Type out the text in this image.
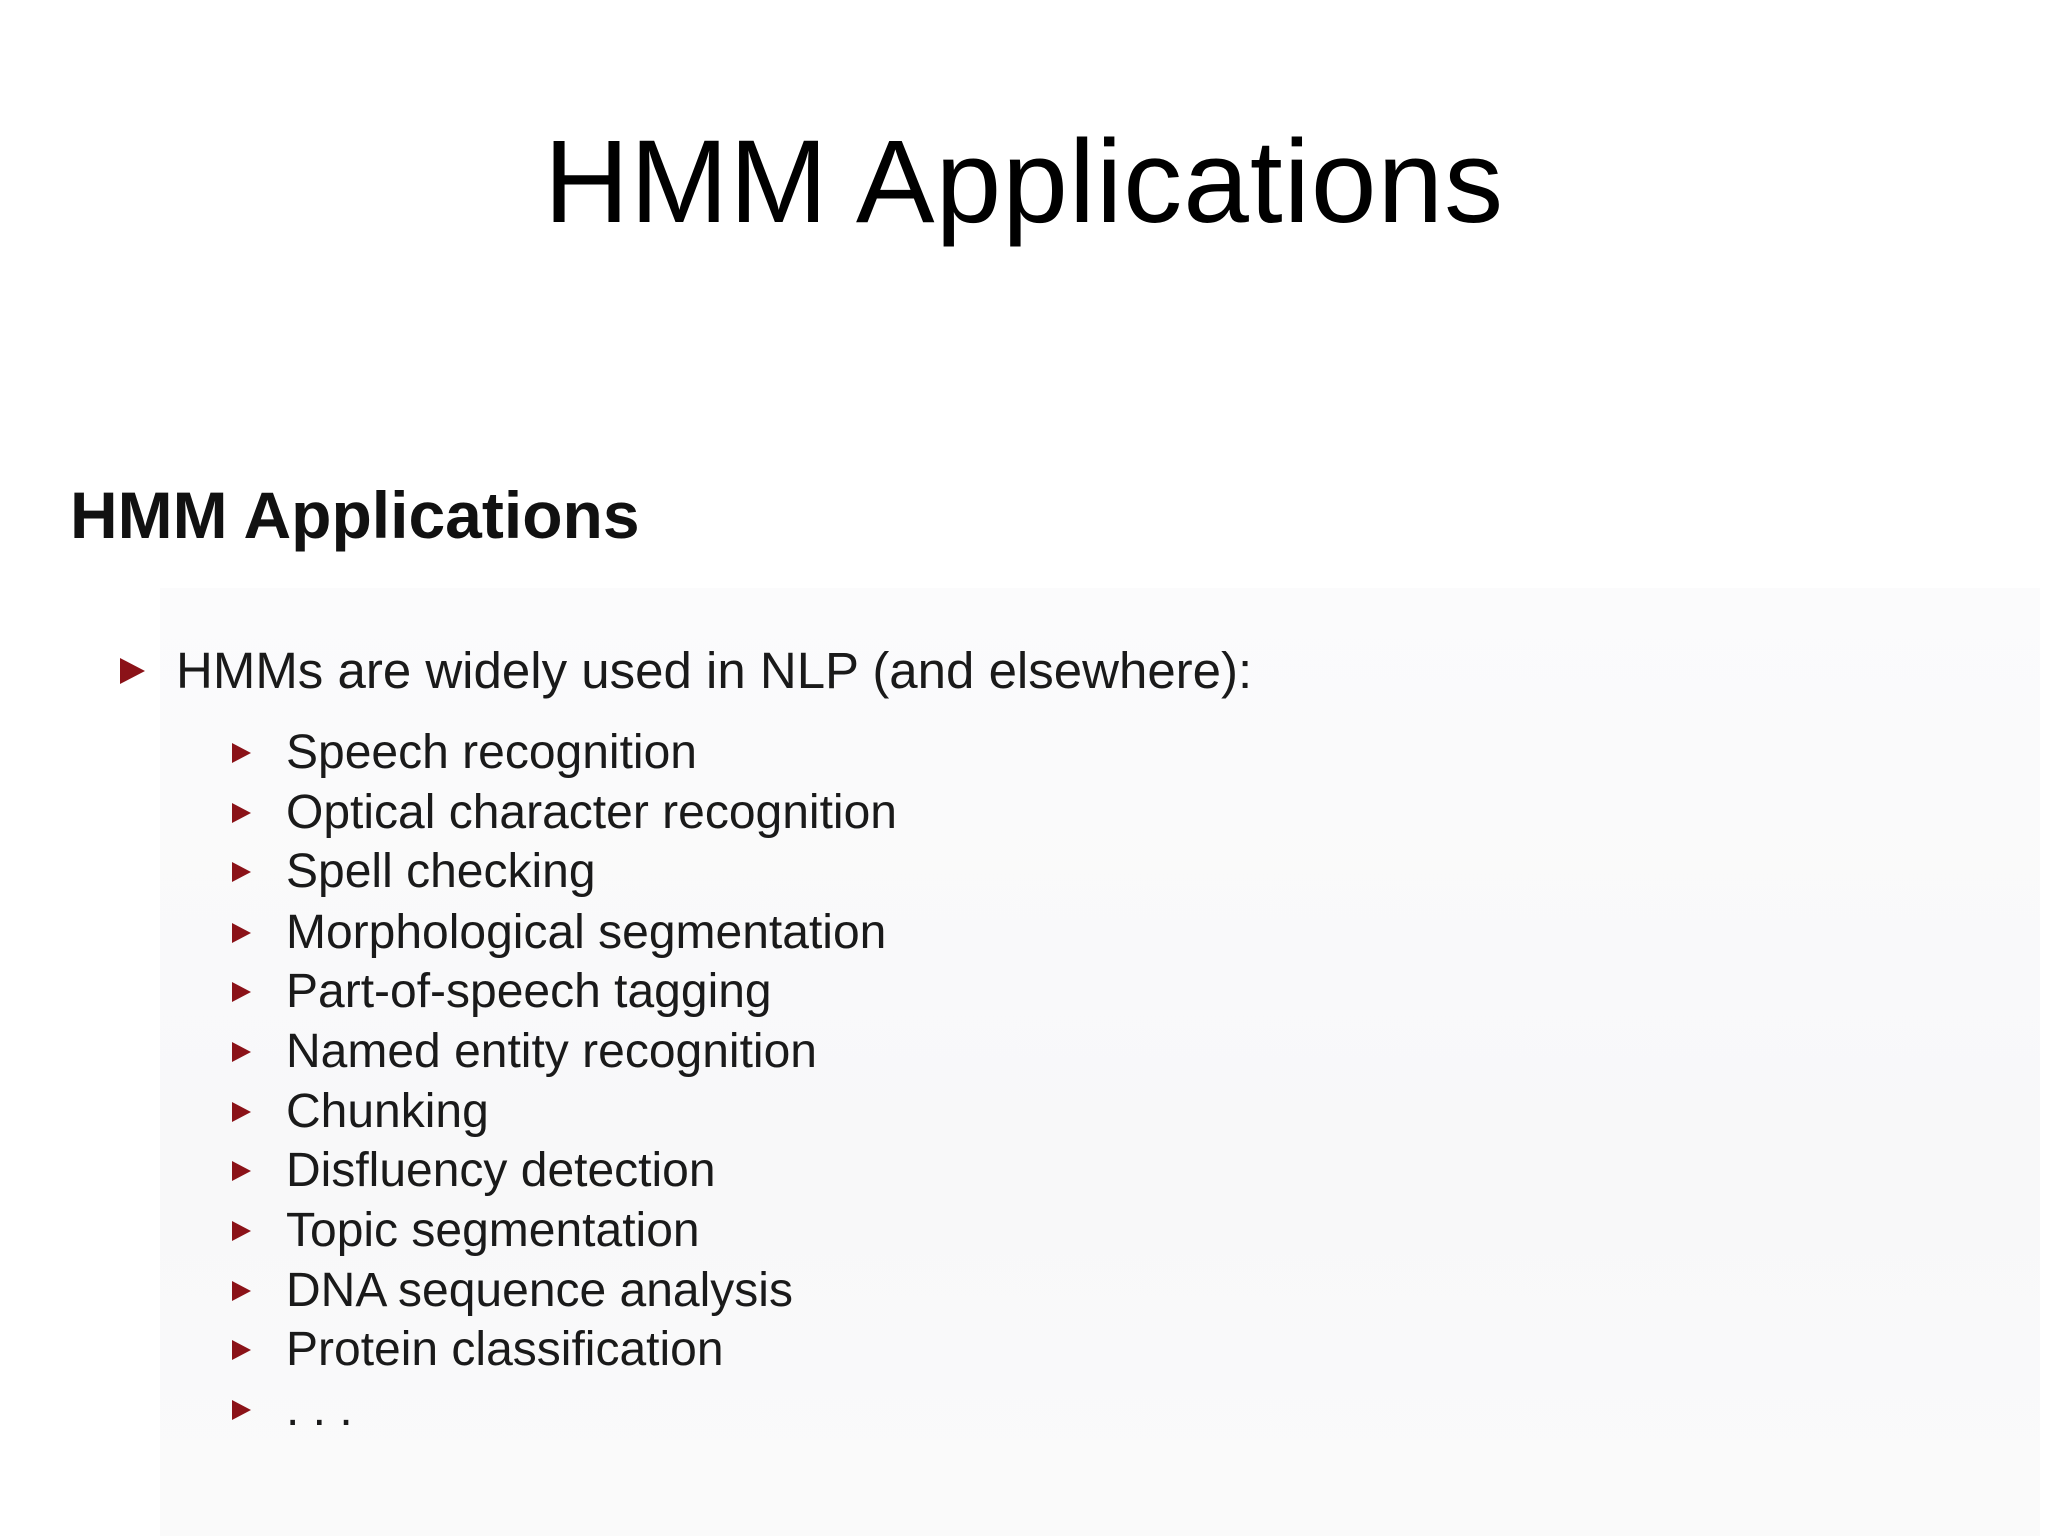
HMM Applications
HMM Applications
HMMs are widely used in NLP (and elsewhere):
Speech recognition
Optical character recognition
Spell checking
Morphological segmentation
Part-of-speech tagging
Named entity recognition
Chunking
Disfluency detection
Topic segmentation
DNA sequence analysis
Protein classification
. . .
